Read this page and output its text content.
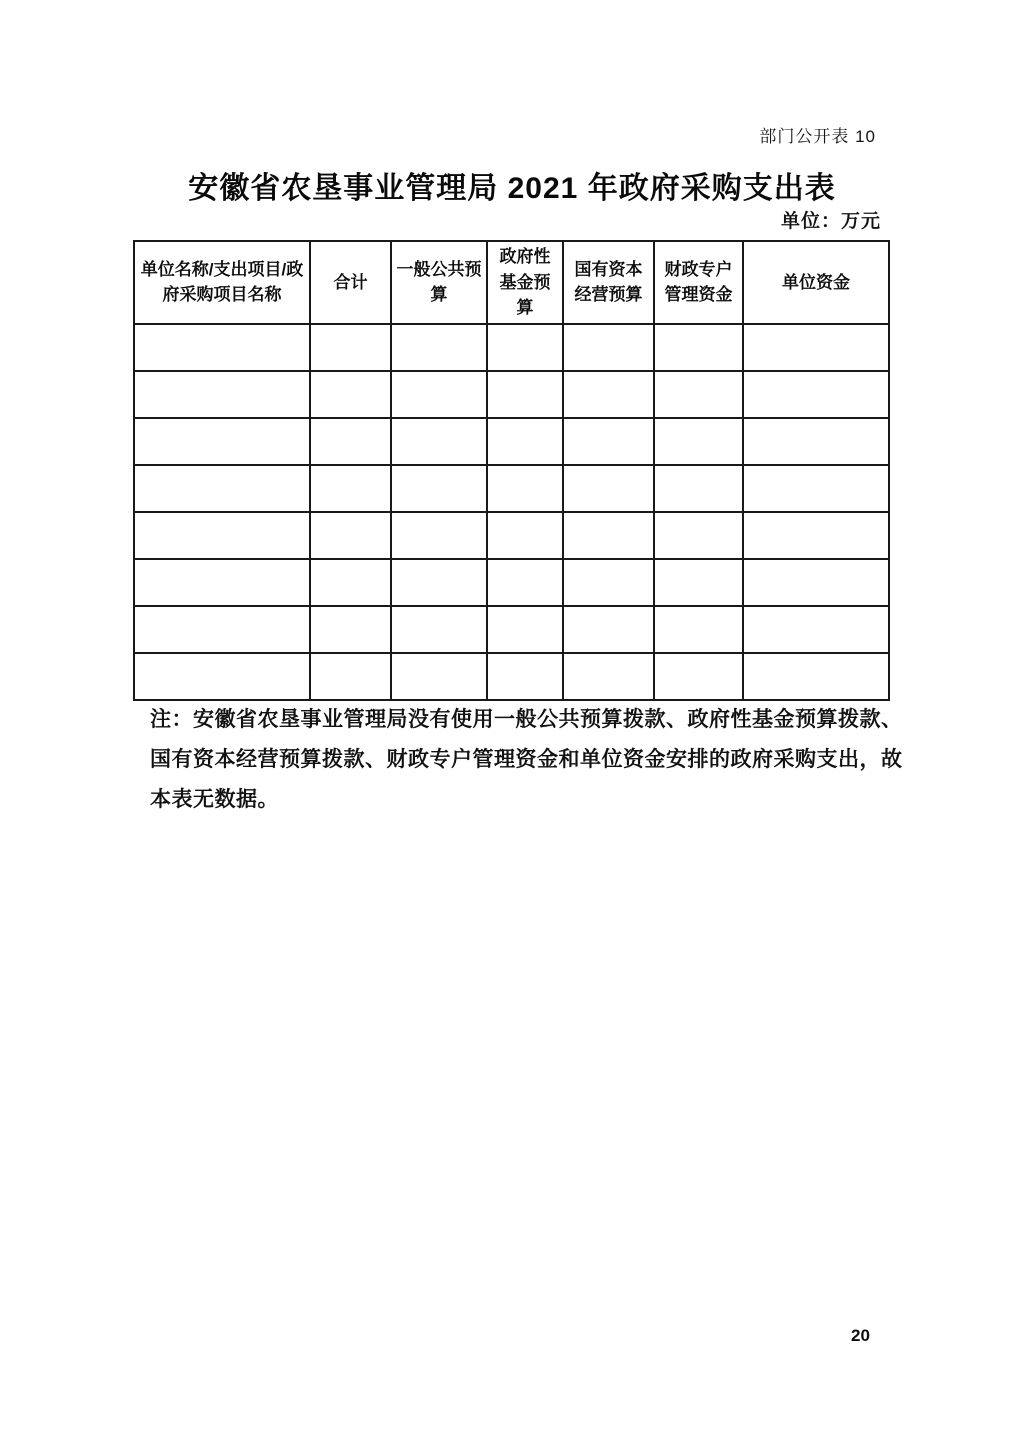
部门公开表 10
安徽省农垦事业管理局 2021 年政府采购支出表
单位：万元
单位名称/支出项目/政府采购项目名称	合计	一般公共预算	政府性基金预算	国有资本经营预算	财政专户管理资金	单位资金

注：安徽省农垦事业管理局没有使用一般公共预算拨款、政府性基金预算拨款、
国有资本经营预算拨款、财政专户管理资金和单位资金安排的政府采购支出，故
本表无数据。
20
